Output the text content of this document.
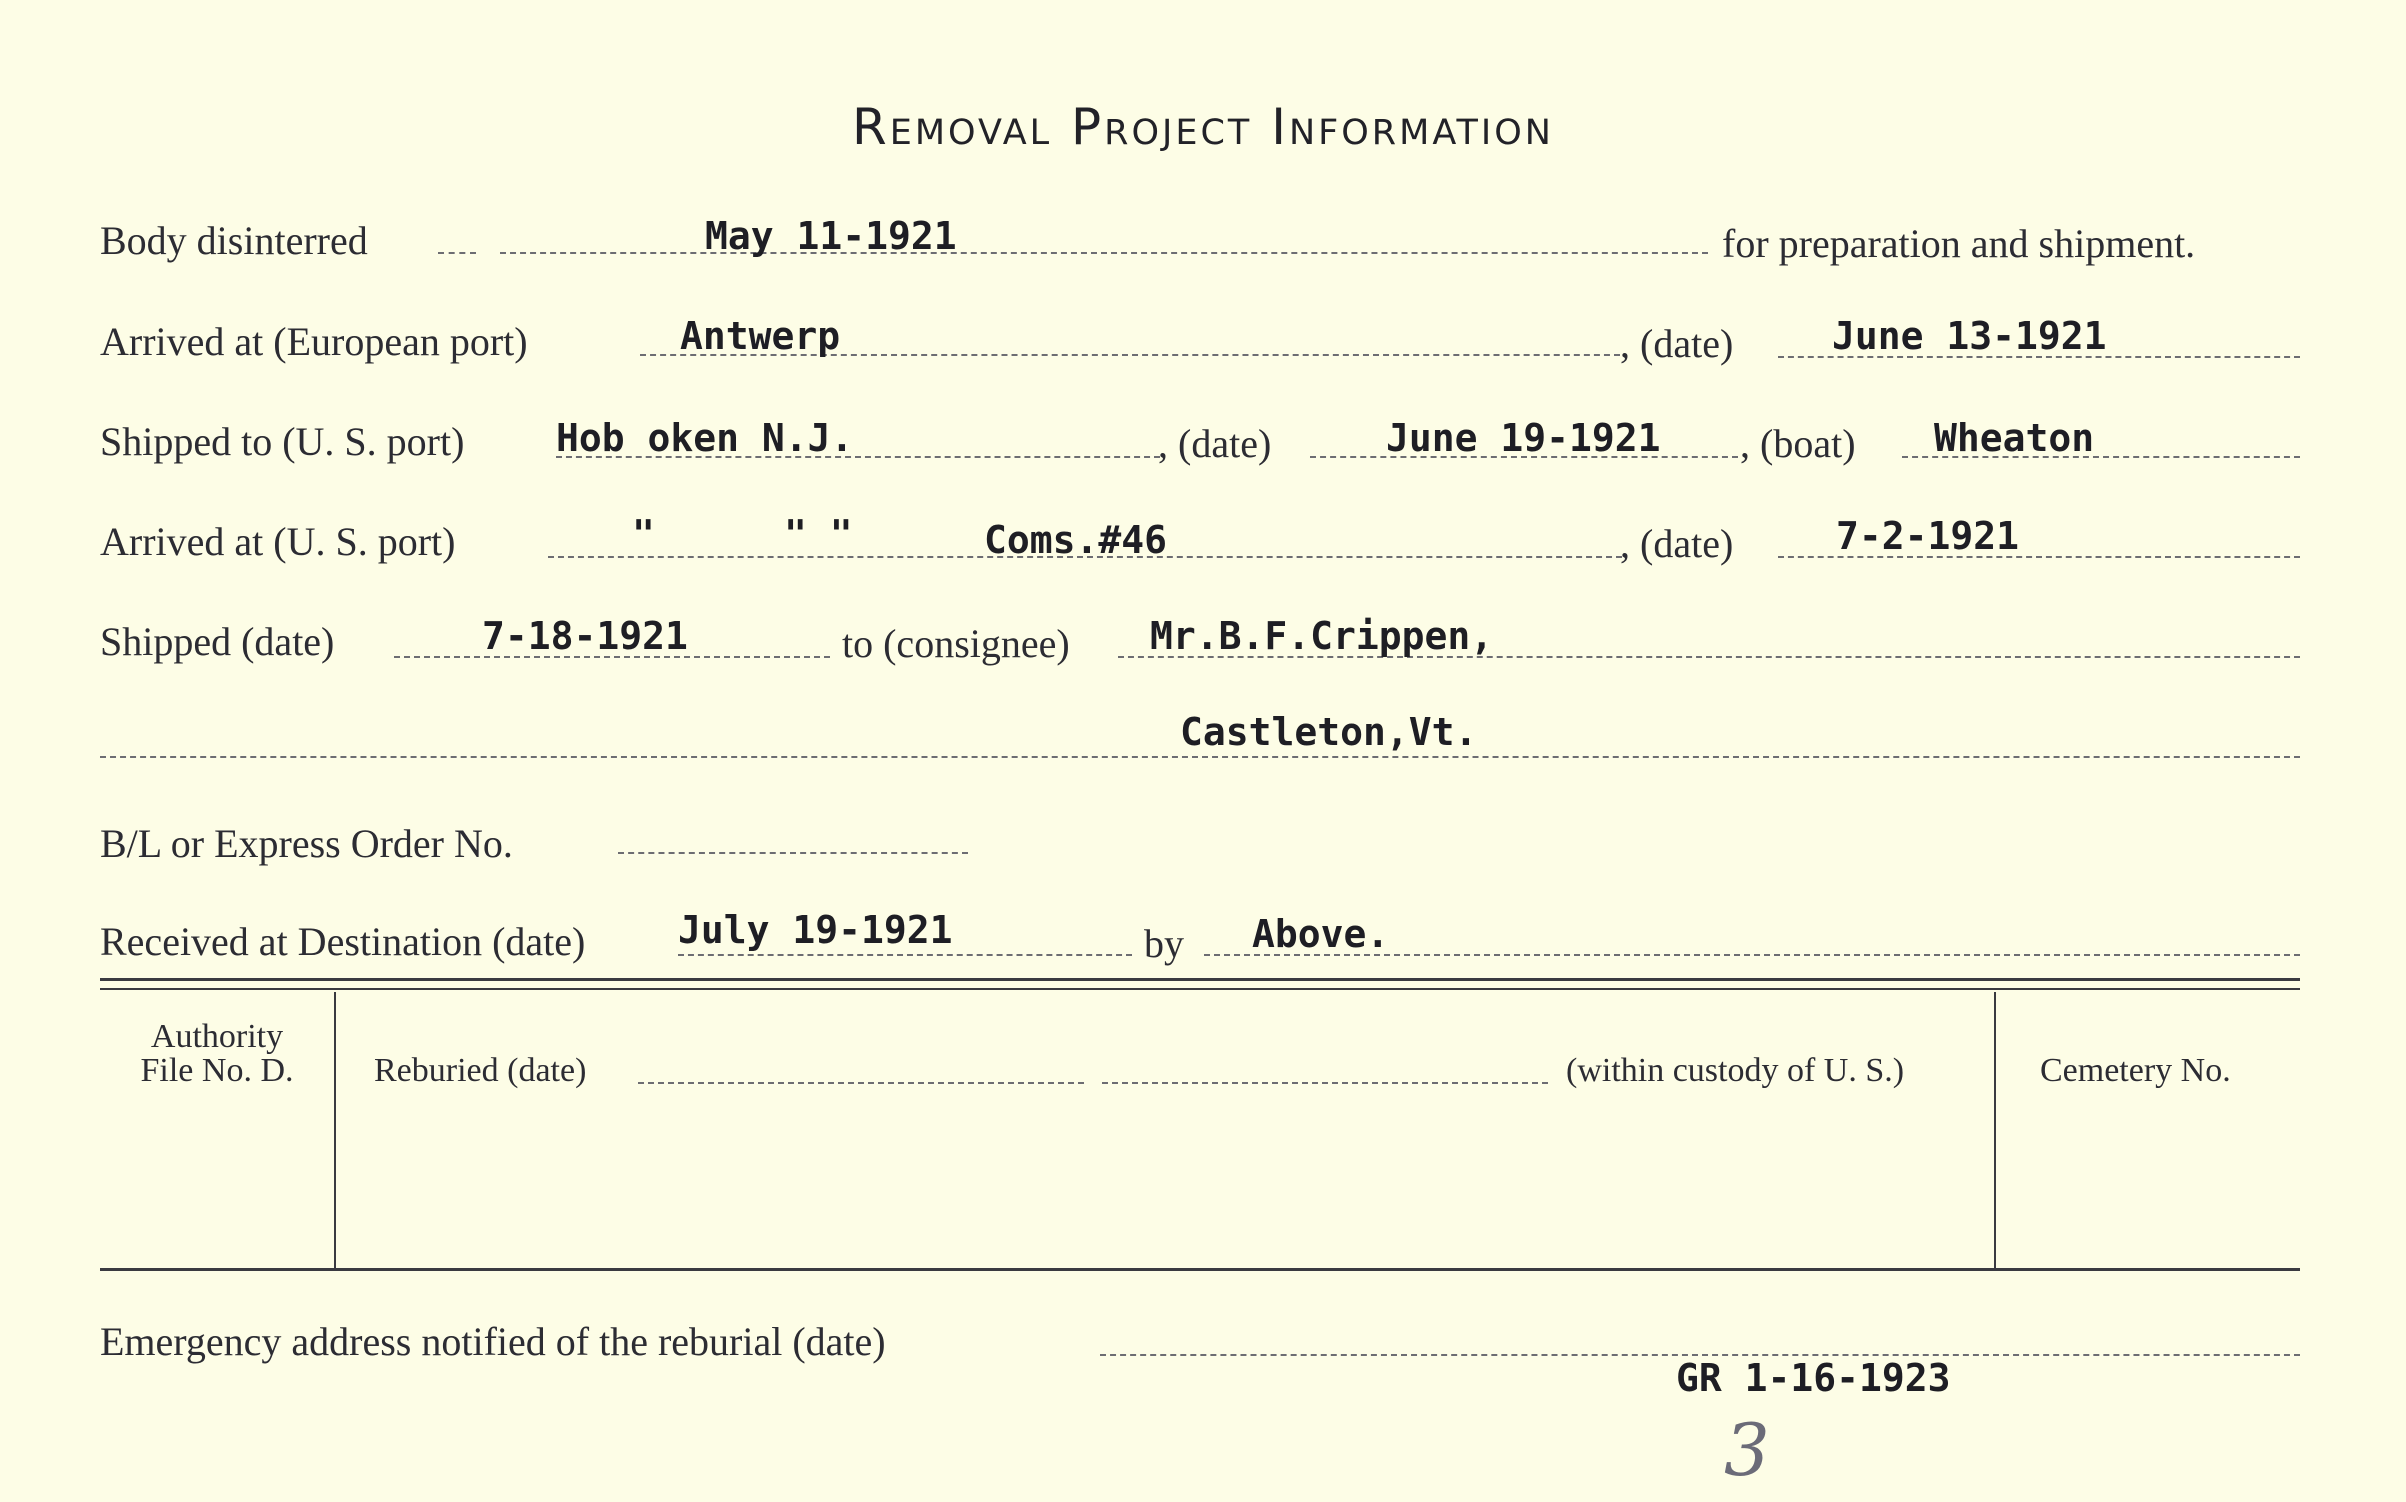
Removal Project Information
Body disinterred	May 11-1921	for preparation and shipment.
Arrived at (European port)	Antwerp	, (date)	June 13-1921
Shipped to (U. S. port) Hob oken N.J.	, (date)	June 19-1921 , (boat) Wheaton
Arrived at (U. S. port)	"	" "	Coms.#46	, (date)	7-2-1921
Shipped (date)	7-18-1921	to (consignee) Mr.B.F.Crippen,
Castleton,Vt.
B/L or Express Order No.
Received at Destination (date) July 19-1921	by Above.
Authority
File No. D.	Reburied (date)	(within custody of U. S.)	Cemetery No.
Emergency address notified of the reburial (date)
GR 1-16-1923
3
